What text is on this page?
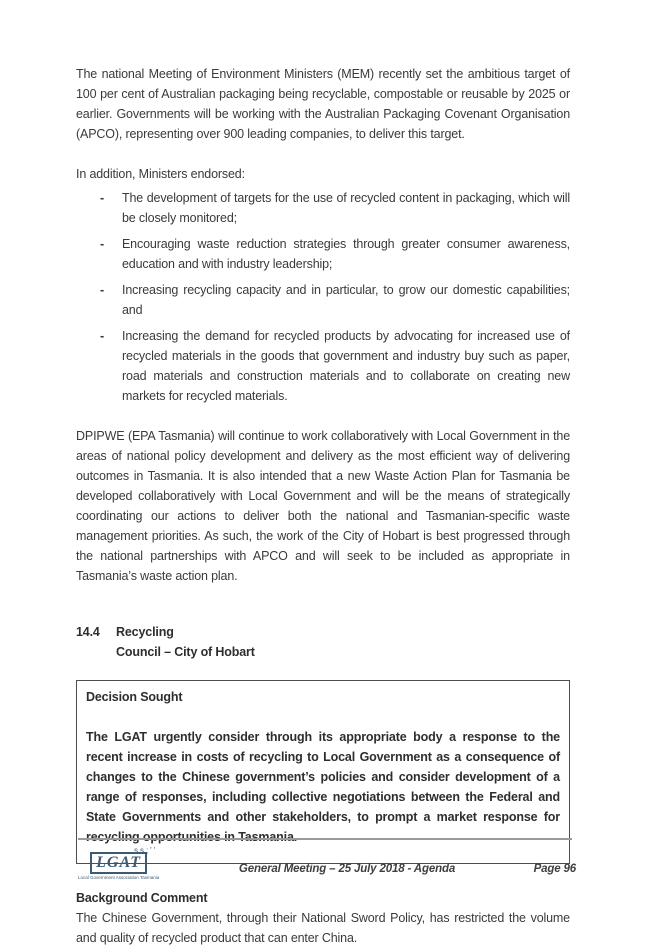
The national Meeting of Environment Ministers (MEM) recently set the ambitious target of 100 per cent of Australian packaging being recyclable, compostable or reusable by 2025 or earlier. Governments will be working with the Australian Packaging Covenant Organisation (APCO), representing over 900 leading companies, to deliver this target.

In addition, Ministers endorsed:

-	The development of targets for the use of recycled content in packaging, which will be closely monitored;
-	Encouraging waste reduction strategies through greater consumer awareness, education and with industry leadership;
-	Increasing recycling capacity and in particular, to grow our domestic capabilities; and
-	Increasing the demand for recycled products by advocating for increased use of recycled materials in the goods that government and industry buy such as paper, road materials and construction materials and to collaborate on creating new markets for recycled materials.

DPIPWE (EPA Tasmania) will continue to work collaboratively with Local Government in the areas of national policy development and delivery as the most efficient way of delivering outcomes in Tasmania. It is also intended that a new Waste Action Plan for Tasmania be developed collaboratively with Local Government and will be the means of strategically coordinating our actions to deliver both the national and Tasmanian-specific waste management priorities. As such, the work of the City of Hobart is best progressed through the national partnerships with APCO and will seek to be included as appropriate in Tasmania’s waste action plan.

14.4	Recycling
Council – City of Hobart
Decision Sought
The LGAT urgently consider through its appropriate body a response to the recent increase in costs of recycling to Local Government as a consequence of changes to the Chinese government’s policies and consider development of a range of responses, including collective negotiations between the Federal and State Governments and other stakeholders, to prompt a market response for recycling opportunities in Tasmania.
Background Comment
The Chinese Government, through their National Sword Policy, has restricted the volume and quality of recycled product that can enter China.
,ss;''
LGAT
Local Government Association Tasmania
General Meeting – 25 July 2018 - Agenda	Page 96
